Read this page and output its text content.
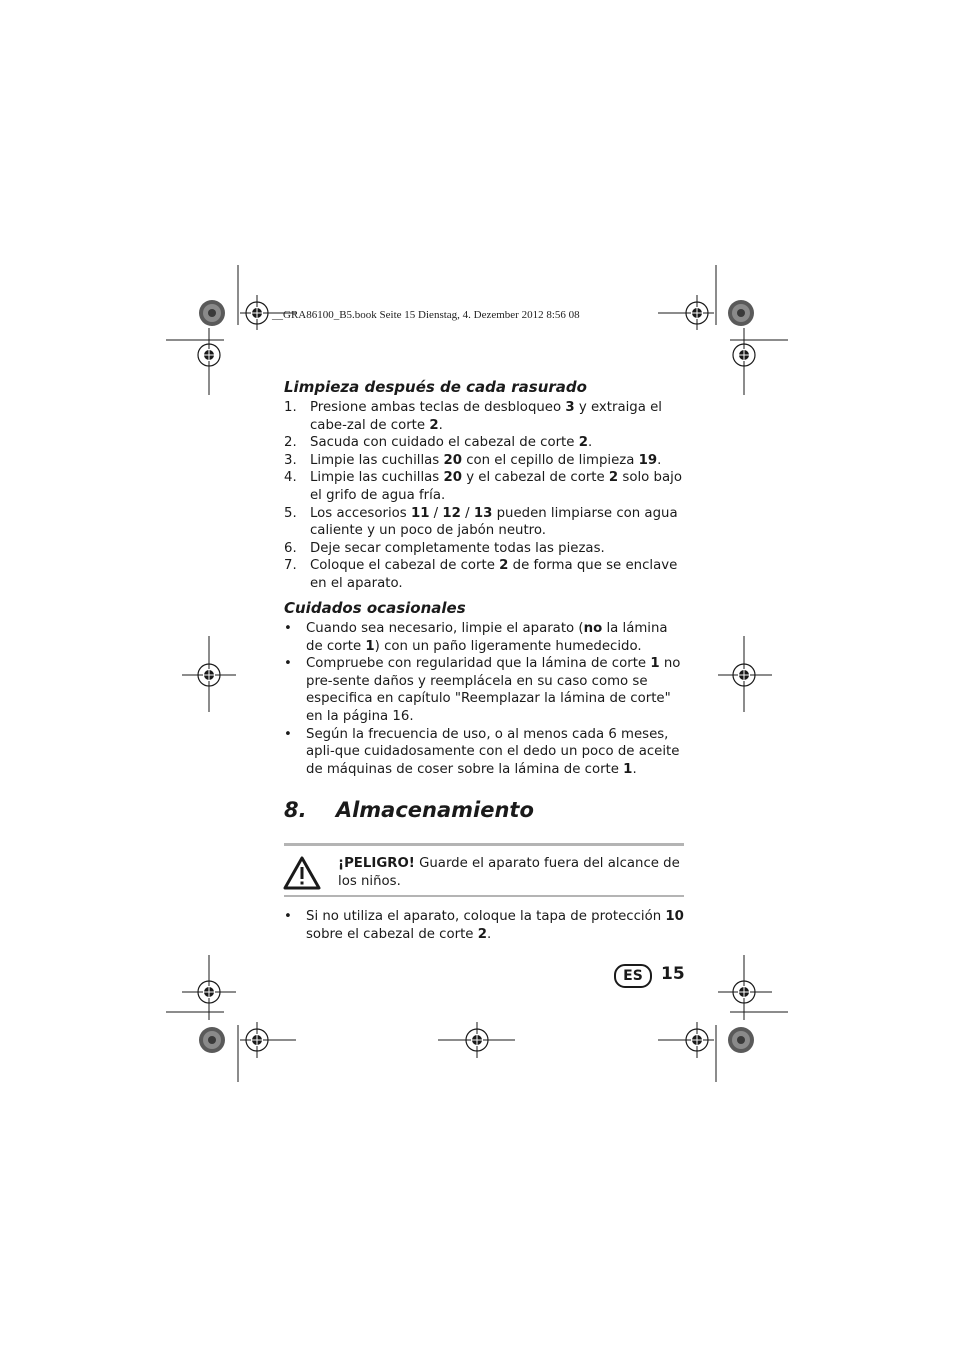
__GRA86100_B5.book Seite 15 Dienstag, 4. Dezember 2012 8:56 08
Limpieza después de cada rasurado
1. Presione ambas teclas de desbloqueo 3 y extraiga el cabe-zal de corte 2.
2. Sacuda con cuidado el cabezal de corte 2.
3. Limpie las cuchillas 20 con el cepillo de limpieza 19.
4. Limpie las cuchillas 20 y el cabezal de corte 2 solo bajo el grifo de agua fría.
5. Los accesorios 11 / 12 / 13 pueden limpiarse con agua caliente y un poco de jabón neutro.
6. Deje secar completamente todas las piezas.
7. Coloque el cabezal de corte 2 de forma que se enclave en el aparato.
Cuidados ocasionales
• Cuando sea necesario, limpie el aparato (no la lámina de corte 1) con un paño ligeramente humedecido.
• Compruebe con regularidad que la lámina de corte 1 no pre-sente daños y reemplácela en su caso como se especifica en capítulo "Reemplazar la lámina de corte" en la página 16.
• Según la frecuencia de uso, o al menos cada 6 meses, apli-que cuidadosamente con el dedo un poco de aceite de máquinas de coser sobre la lámina de corte 1.
8.    Almacenamiento
¡PELIGRO! Guarde el aparato fuera del alcance de los niños.
• Si no utiliza el aparato, coloque la tapa de protección 10 sobre el cabezal de corte 2.
ES	15
